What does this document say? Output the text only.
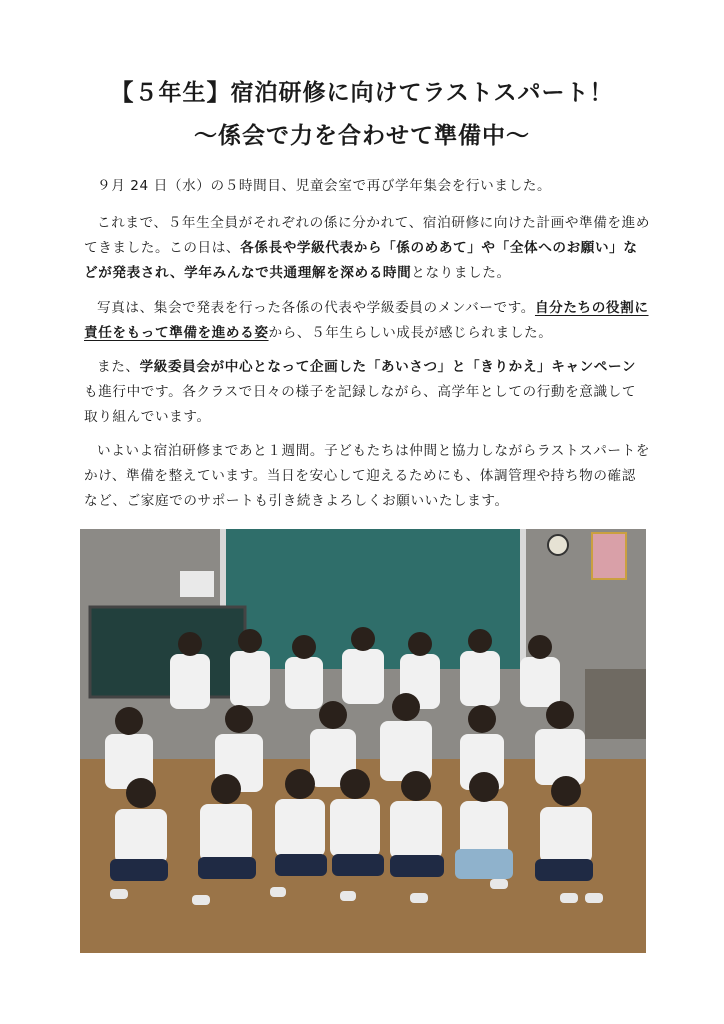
【５年生】宿泊研修に向けてラストスパート！
～係会で力を合わせて準備中～

９月 24 日（水）の５時間目、児童会室で再び学年集会を行いました。

これまで、５年生全員がそれぞれの係に分かれて、宿泊研修に向けた計画や準備を進めてきました。この日は、各係長や学級代表から「係のめあて」や「全体へのお願い」などが発表され、学年みんなで共通理解を深める時間となりました。

写真は、集会で発表を行った各係の代表や学級委員のメンバーです。自分たちの役割に責任をもって準備を進める姿から、５年生らしい成長が感じられました。

また、学級委員会が中心となって企画した「あいさつ」と「きりかえ」キャンペーンも進行中です。各クラスで日々の様子を記録しながら、高学年としての行動を意識して取り組んでいます。

いよいよ宿泊研修まであと１週間。子どもたちは仲間と協力しながらラストスパートをかけ、準備を整えています。当日を安心して迎えるためにも、体調管理や持ち物の確認など、ご家庭でのサポートも引き続きよろしくお願いいたします。
